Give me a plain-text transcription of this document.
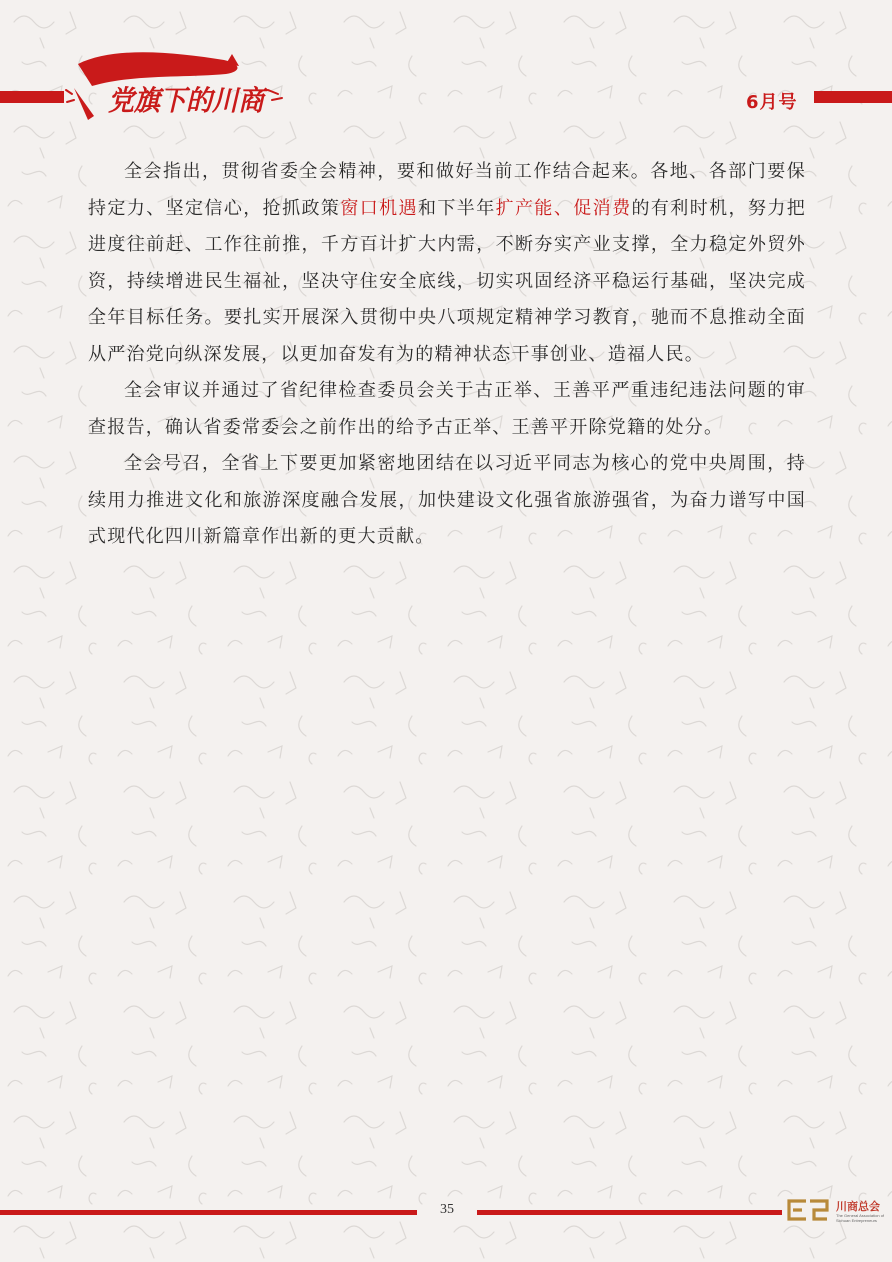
党旗下的川商	6月号

全会指出，贯彻省委全会精神，要和做好当前工作结合起来。各地、各部门要保持定力、坚定信心，抢抓政策窗口机遇和下半年扩产能、促消费的有利时机，努力把进度往前赶、工作往前推，千方百计扩大内需，不断夯实产业支撑，全力稳定外贸外资，持续增进民生福祉，坚决守住安全底线，切实巩固经济平稳运行基础，坚决完成全年目标任务。要扎实开展深入贯彻中央八项规定精神学习教育，驰而不息推动全面从严治党向纵深发展，以更加奋发有为的精神状态干事创业、造福人民。

全会审议并通过了省纪律检查委员会关于古正举、王善平严重违纪违法问题的审查报告，确认省委常委会之前作出的给予古正举、王善平开除党籍的处分。

全会号召，全省上下要更加紧密地团结在以习近平同志为核心的党中央周围，持续用力推进文化和旅游深度融合发展，加快建设文化强省旅游强省，为奋力谱写中国式现代化四川新篇章作出新的更大贡献。

35	川商总会
The General Association of Sichuan Entrepreneurs
